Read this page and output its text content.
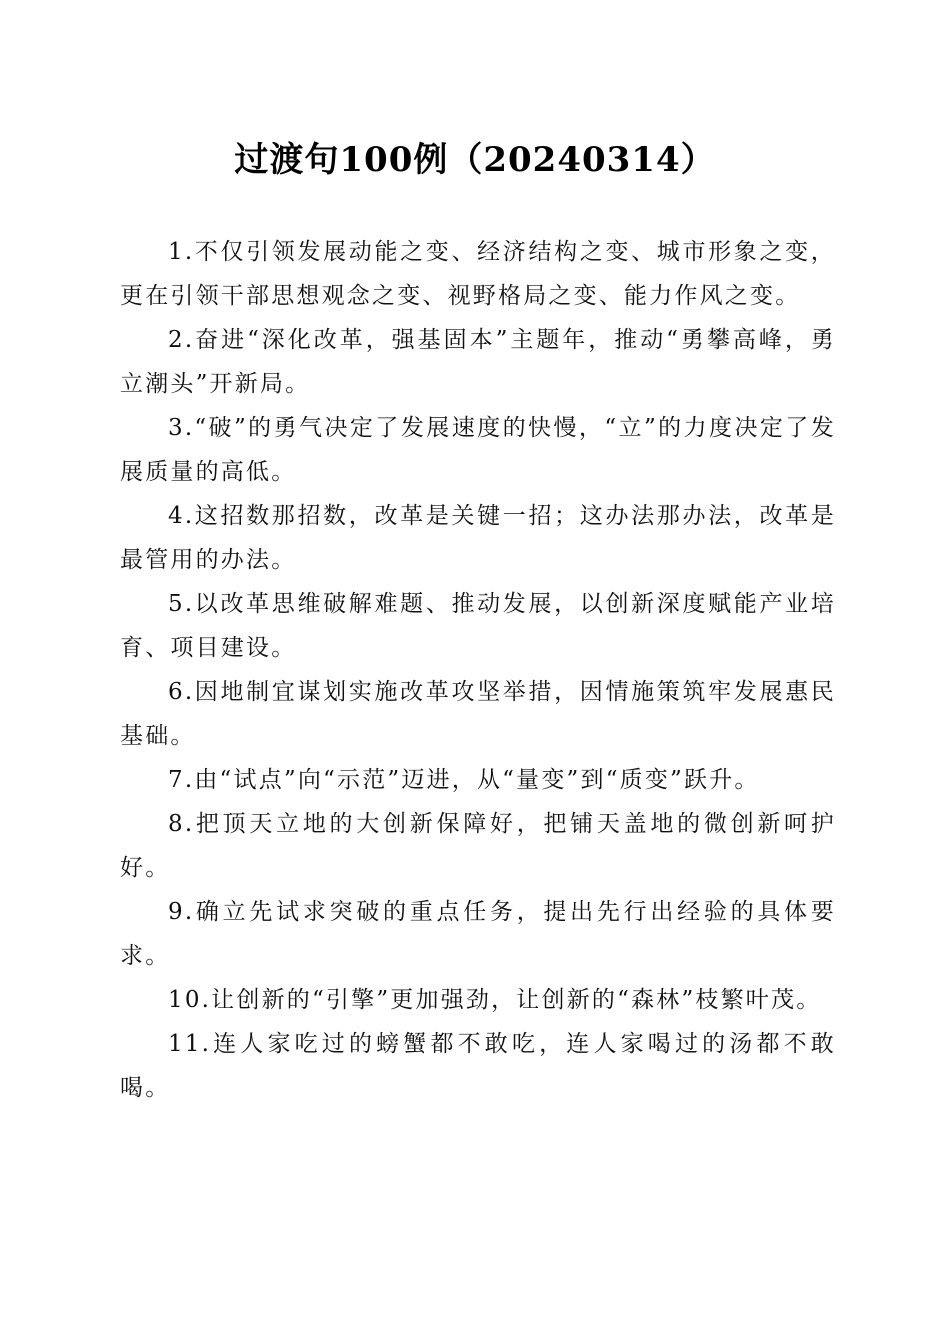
过渡句100例（20240314）

1.不仅引领发展动能之变、经济结构之变、城市形象之变，更在引领干部思想观念之变、视野格局之变、能力作风之变。

2.奋进“深化改革，强基固本”主题年，推动“勇攀高峰，勇立潮头”开新局。

3.“破”的勇气决定了发展速度的快慢，“立”的力度决定了发展质量的高低。

4.这招数那招数，改革是关键一招；这办法那办法，改革是最管用的办法。

5.以改革思维破解难题、推动发展，以创新深度赋能产业培育、项目建设。

6.因地制宜谋划实施改革攻坚举措，因情施策筑牢发展惠民基础。

7.由“试点”向“示范”迈进，从“量变”到“质变”跃升。

8.把顶天立地的大创新保障好，把铺天盖地的微创新呵护好。

9.确立先试求突破的重点任务，提出先行出经验的具体要求。

10.让创新的“引擎”更加强劲，让创新的“森林”枝繁叶茂。

11.连人家吃过的螃蟹都不敢吃，连人家喝过的汤都不敢喝。
